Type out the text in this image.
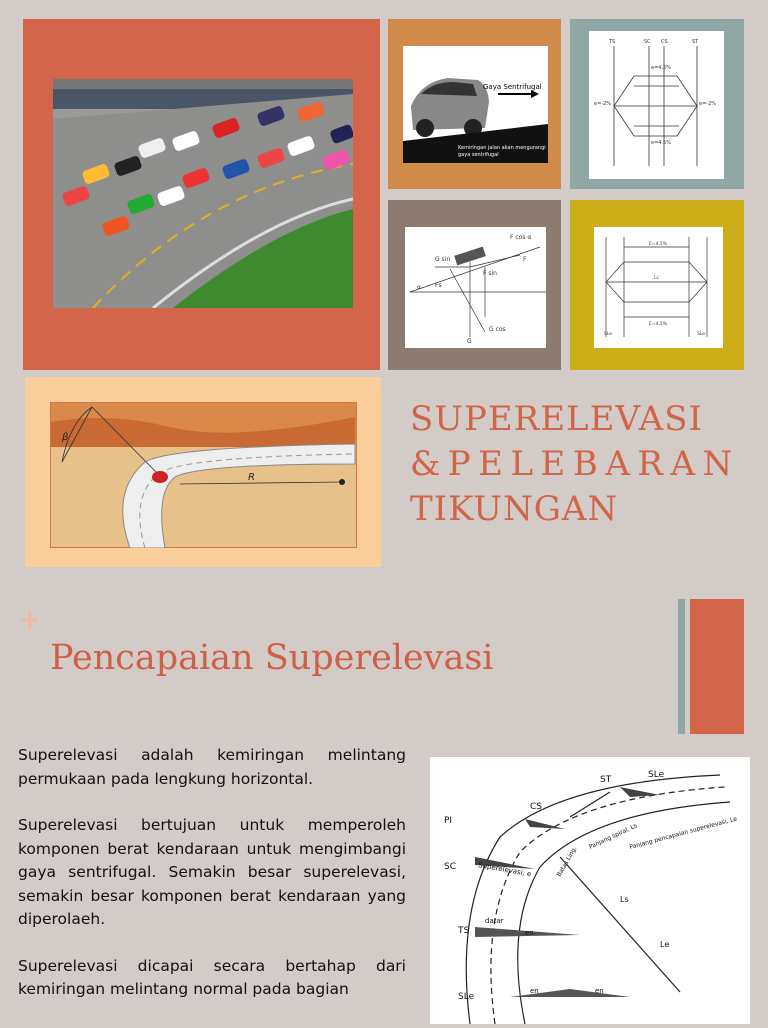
+
Gaya Sentrifugal
Kemiringan jalan akan mengurangi
gaya sentrifugal
TS	SC CS	ST
e=-2%	e=-2%
e=4.5%
e=4.5%
F cos α
G sin	F
F sin
Fs
G cos
G
α
E=4.5%
Lc
E=4.5%
SLe	SLe
β
R
SUPERELEVASI
&PELEBARAN
TIKUNGAN
Pencapaian Superelevasi

Superelevasi adalah kemiringan melintang permukaan pada lengkung horizontal.

Superelevasi bertujuan untuk memperoleh komponen berat kendaraan untuk mengimbangi gaya sentrifugal. Semakin besar superelevasi, semakin besar komponen berat kendaraan yang diperolaeh.

Superelevasi dicapai secara bertahap dari kemiringan melintang normal pada bagian

ST	SLe
CS
PI
SC
TS
SLe
Superelevasi, e
datar
en
en	en
Ls
Le
Panjang spiral, Ls
Panjang pencapaian superelevasi, Le
Batas Ling.
